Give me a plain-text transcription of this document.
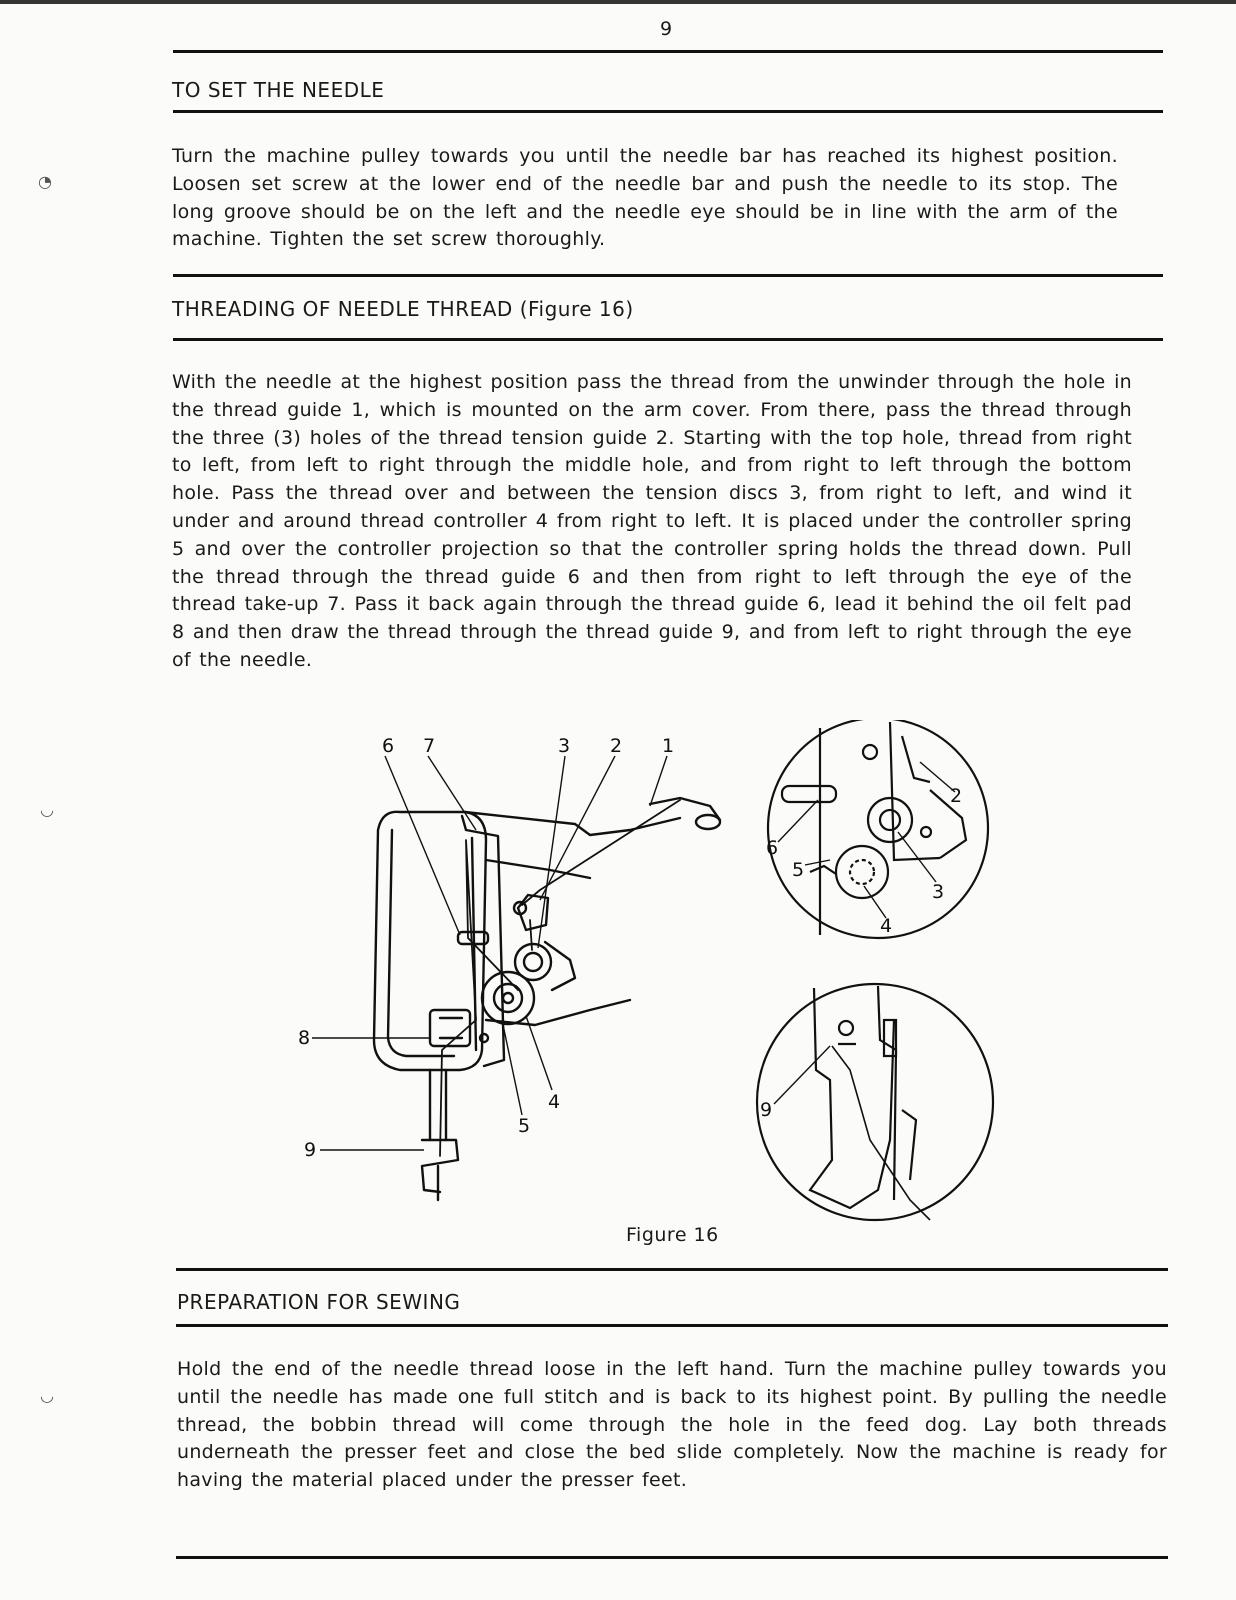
9
◔
◡
◡
TO SET THE NEEDLE
Turn the machine pulley towards you until the needle bar has reached its highest position. Loosen set screw at the lower end of the needle bar and push the needle to its stop. The long groove should be on the left and the needle eye should be in line with the arm of the machine. Tighten the set screw thoroughly.
THREADING OF NEEDLE THREAD (Figure 16)
With the needle at the highest position pass the thread from the unwinder through the hole in the thread guide 1, which is mounted on the arm cover. From there, pass the thread through the three (3) holes of the thread tension guide 2. Starting with the top hole, thread from right to left, from left to right through the middle hole, and from right to left through the bottom hole. Pass the thread over and between the tension discs 3, from right to left, and wind it under and around thread controller 4 from right to left. It is placed under the controller spring 5 and over the controller projection so that the controller spring holds the thread down. Pull the thread through the thread guide 6 and then from right to left through the eye of the thread take-up 7. Pass it back again through the thread guide 6, lead it behind the oil felt pad 8 and then draw the thread through the thread guide 9, and from left to right through the eye of the needle.
6 7	3 2 1
8
9
5
4
2
6
5
4
3
9
Figure 16
PREPARATION FOR SEWING
Hold the end of the needle thread loose in the left hand. Turn the machine pulley towards you until the needle has made one full stitch and is back to its highest point. By pulling the needle thread, the bobbin thread will come through the hole in the feed dog. Lay both threads underneath the presser feet and close the bed slide completely. Now the machine is ready for having the material placed under the presser feet.
